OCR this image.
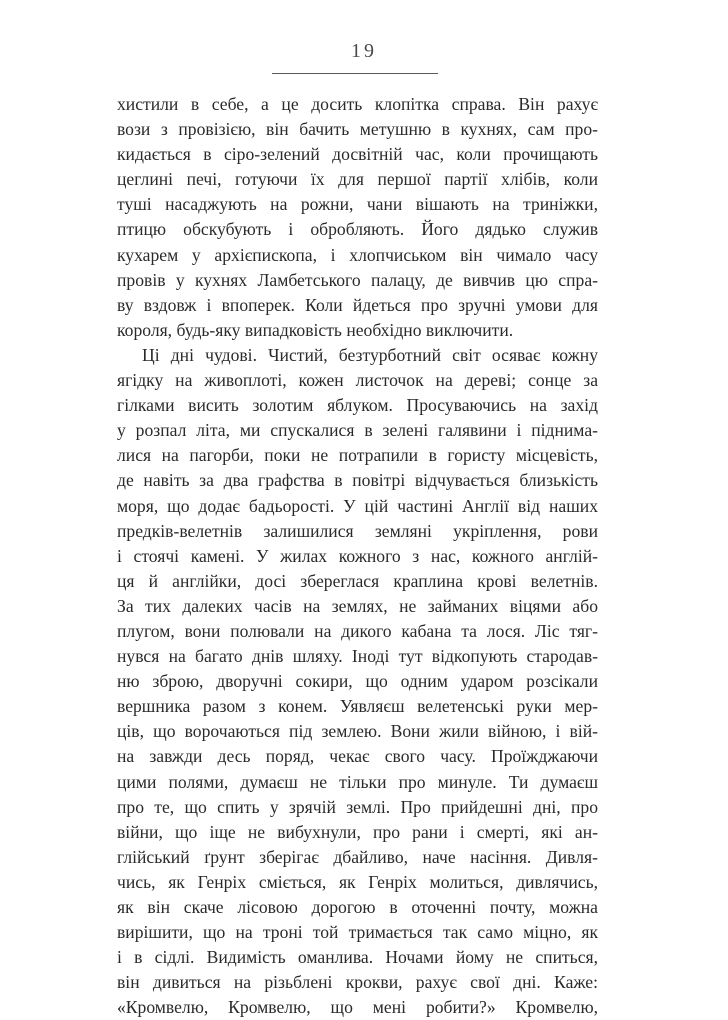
19
хистили в себе, а це досить клопітка справа. Він рахує
вози з провізією, він бачить метушню в кухнях, сам про-
кидається в сіро-зелений досвітній час, коли прочищають
цеглині печі, готуючи їх для першої партії хлібів, коли
туші насаджують на рожни, чани вішають на триніжки,
птицю обскубують і обробляють. Його дядько служив
кухарем у архієпископа, і хлопчиськом він чимало часу
провів у кухнях Ламбетського палацу, де вивчив цю спра-
ву вздовж і впоперек. Коли йдеться про зручні умови для
короля, будь-яку випадковість необхідно виключити.
Ці дні чудові. Чистий, безтурботний світ осяває кожну
ягідку на живоплоті, кожен листочок на дереві; сонце за
гілками висить золотим яблуком. Просуваючись на захід
у розпал літа, ми спускалися в зелені галявини і піднима-
лися на пагорби, поки не потрапили в гористу місцевість,
де навіть за два графства в повітрі відчувається близькість
моря, що додає бадьорості. У цій частині Англії від наших
предків-велетнів залишилися земляні укріплення, рови
і стоячі камені. У жилах кожного з нас, кожного англій-
ця й англійки, досі збереглася краплина крові велетнів.
За тих далеких часів на землях, не займаних віцями або
плугом, вони полювали на дикого кабана та лося. Ліс тяг-
нувся на багато днів шляху. Іноді тут відкопують стародав-
ню зброю, дворучні сокири, що одним ударом розсікали
вершника разом з конем. Уявляєш велетенські руки мер-
ців, що ворочаються під землею. Вони жили війною, і вій-
на завжди десь поряд, чекає свого часу. Проїжджаючи
цими полями, думаєш не тільки про минуле. Ти думаєш
про те, що спить у зрячій землі. Про прийдешні дні, про
війни, що іще не вибухнули, про рани і смерті, які ан-
глійський ґрунт зберігає дбайливо, наче насіння. Дивля-
чись, як Генріх сміється, як Генріх молиться, дивлячись,
як він скаче лісовою дорогою в оточенні почту, можна
вирішити, що на троні той тримається так само міцно, як
і в сідлі. Видимість оманлива. Ночами йому не спиться,
він дивиться на різьблені крокви, рахує свої дні. Каже:
«Кромвелю, Кромвелю, що мені робити?» Кромвелю,
